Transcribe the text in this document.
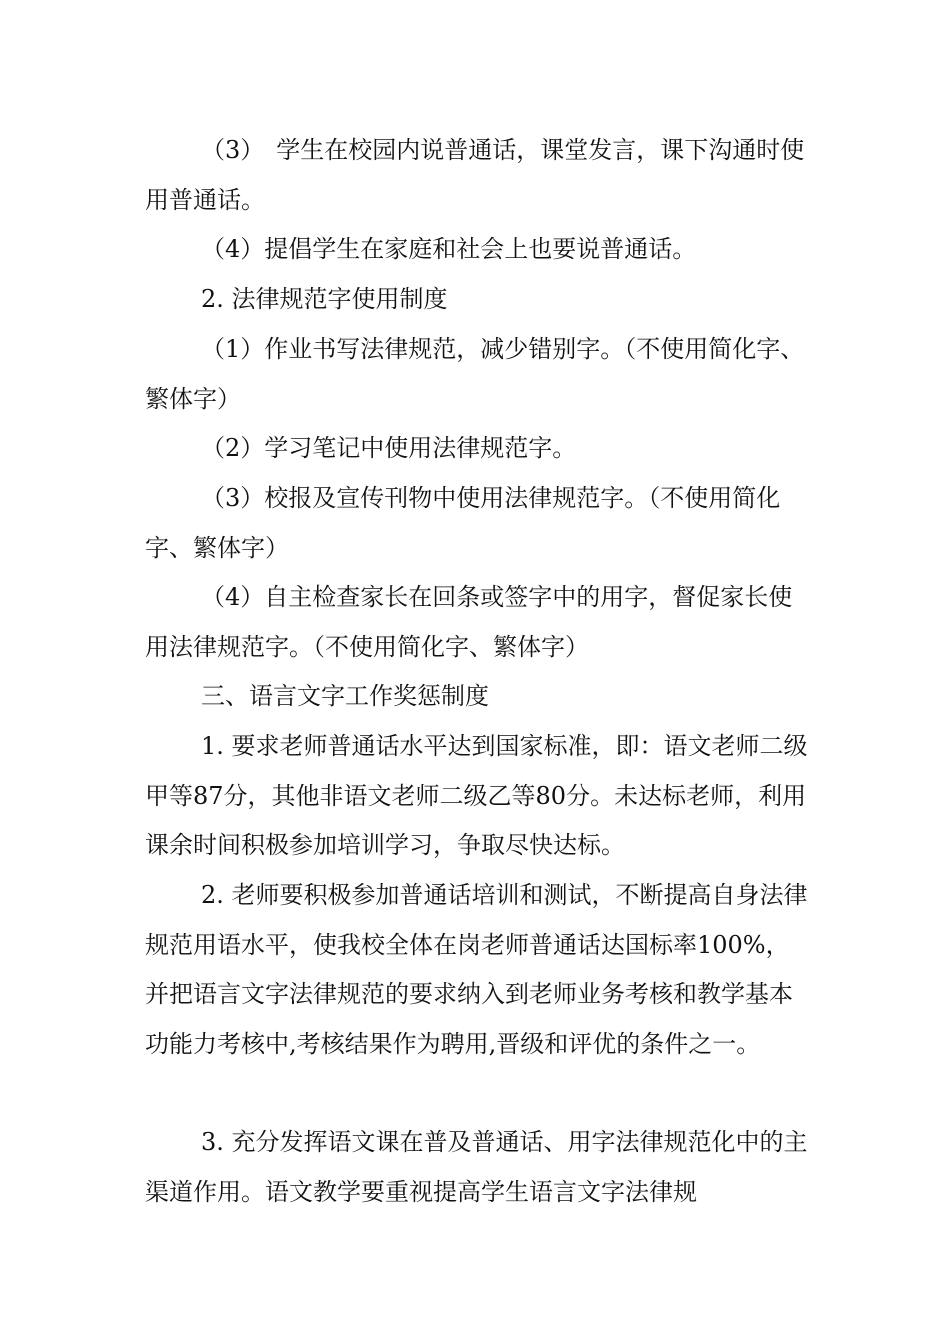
（3）　学生在校园内说普通话，课堂发言，课下沟通时使用普通话。

（4）提倡学生在家庭和社会上也要说普通话。

2. 法律规范字使用制度

（1）作业书写法律规范，减少错别字。（不使用简化字、繁体字）

（2）学习笔记中使用法律规范字。

（3）校报及宣传刊物中使用法律规范字。（不使用简化字、繁体字）

（4）自主检查家长在回条或签字中的用字，督促家长使用法律规范字。（不使用简化字、繁体字）

三、语言文字工作奖惩制度

1. 要求老师普通话水平达到国家标准，即：语文老师二级甲等87分，其他非语文老师二级乙等80分。未达标老师，利用课余时间积极参加培训学习，争取尽快达标。

2. 老师要积极参加普通话培训和测试，不断提高自身法律规范用语水平，使我校全体在岗老师普通话达国标率100%，并把语言文字法律规范的要求纳入到老师业务考核和教学基本功能力考核中,考核结果作为聘用,晋级和评优的条件之一。

3. 充分发挥语文课在普及普通话、用字法律规范化中的主渠道作用。语文教学要重视提高学生语言文字法律规
